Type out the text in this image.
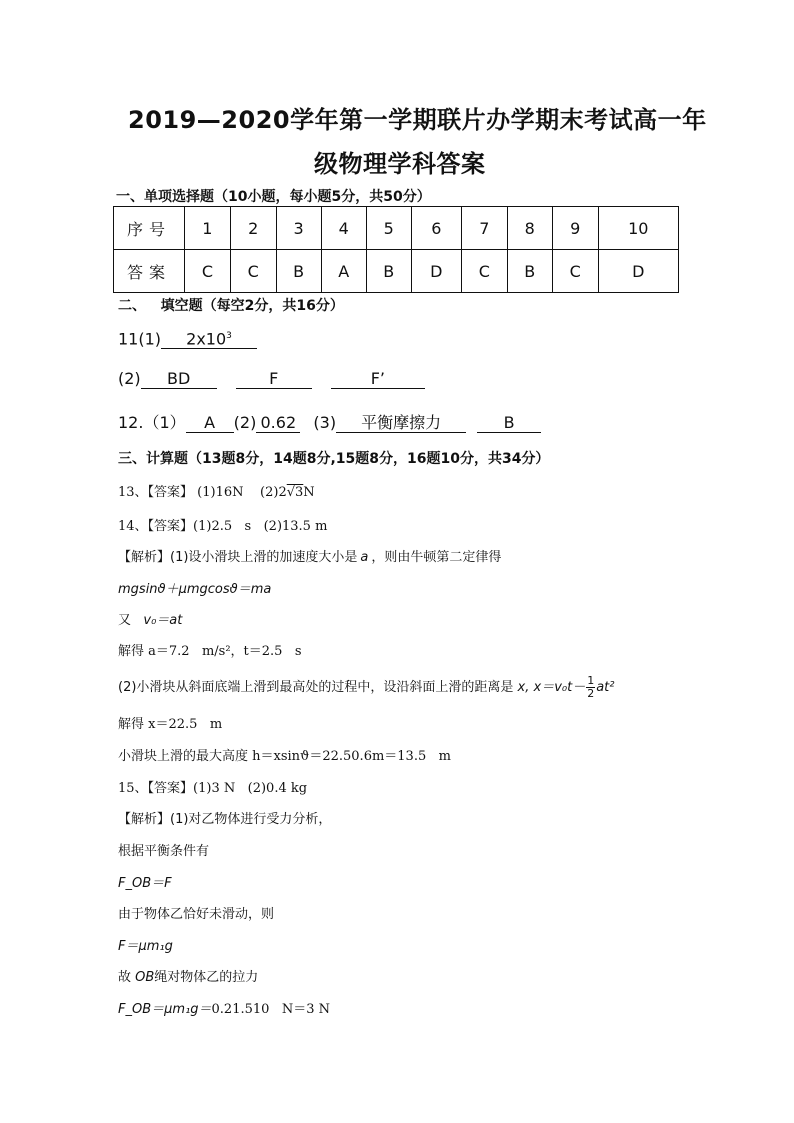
2019—2020学年第一学期联片办学期末考试高一年
级物理学科答案
一、单项选择题（10小题，每小题5分，共50分）
序号	1	2	3	4	5	6	7	8	9	10
答案	C	C	B	A	B	D	C	B	C	D
二、   填空题（每空2分，共16分）
11(1) $2x10^3$
(2) BD	F	F’
12.（1） A (2) 0.62 (3) 平衡摩擦力	B
三、计算题（13题8分，14题8分,15题8分，16题10分，共34分）
13、【答案】 (1)16N    (2)2√3N
14、【答案】(1)2.5   s   (2)13.5 m
【解析】(1)设小滑块上滑的加速度大小是 a ，则由牛顿第二定律得
mgsinϑ＋μmgcosϑ＝ma
又   v₀＝at
解得 a＝7.2   m/s²，t＝2.5   s
(2)小滑块从斜面底端上滑到最高处的过程中，设沿斜面上滑的距离是 x, $x=v_0t- \frac{1}{2} at^2$
解得 x＝22.5   m
小滑块上滑的最大高度 h＝xsinϑ＝22.50.6m＝13.5   m
15、【答案】(1)3 N   (2)0.4 kg
【解析】(1)对乙物体进行受力分析，
根据平衡条件有
F_OB＝F
由于物体乙恰好未滑动，则
F＝μm₁g
故 OB绳对物体乙的拉力
F_OB＝μm₁g＝0.21.510   N＝3 N
